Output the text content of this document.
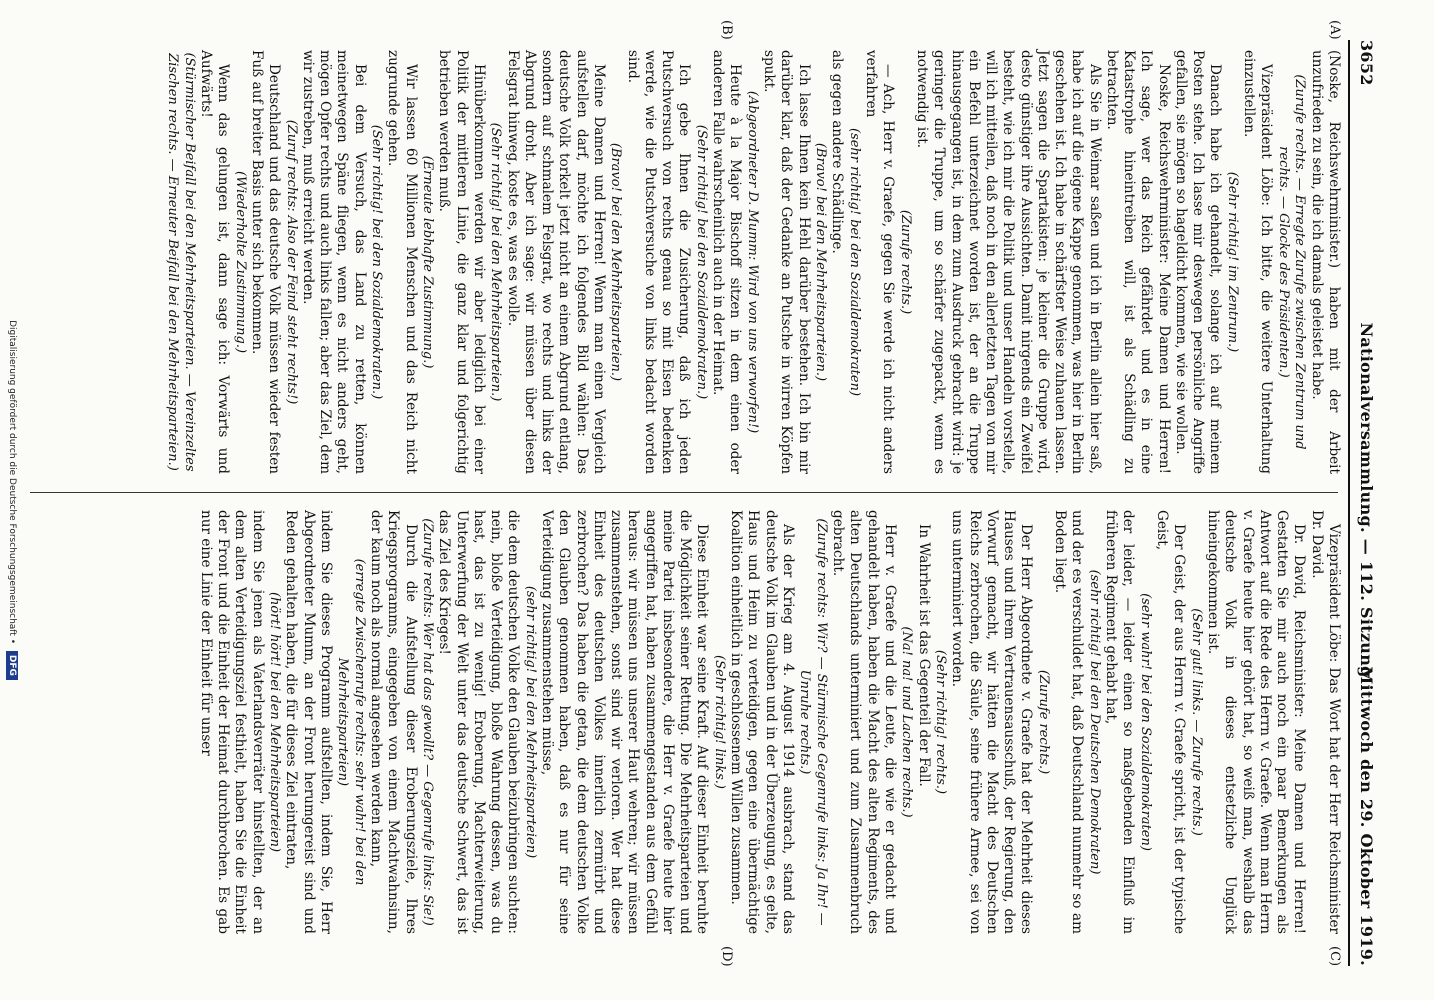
3652
Nationalversammlung. — 112. Sitzung.
Mittwoch den 29. Oktober 1919.
(A)
(B)
(C)
(D)

(Noske, Reichswehrminister.) haben mit der Arbeit unzufrieden zu sein, die ich damals geleistet habe.

(Zurufe rechts. — Erregte Zurufe zwischen Zentrum und rechts. — Glocke des Präsidenten.)

Vizepräsident Löbe: Ich bitte, die weitere Unterhaltung einzustellen.

(Sehr richtig! im Zentrum.)

Danach habe ich gehandelt, solange ich auf meinem Posten stehe. Ich lasse mir deswegen persönliche Angriffe gefallen, sie mögen so hageldicht kommen, wie sie wollen.

Noske, Reichswehrminister: Meine Damen und Herren! Ich sage, wer das Reich gefährdet und es in eine Katastrophe hineintreiben will, ist als Schädling zu betrachten.

Als Sie in Weimar saßen und ich in Berlin allein hier saß, habe ich auf die eigene Kappe genommen, was hier in Berlin geschehen ist. Ich habe in schärfster Weise zuhauen lassen. Jetzt sagen die Spartakisten: je kleiner die Gruppe wird, desto günstiger ihre Aussichten. Damit nirgends ein Zweifel besteht, wie ich mir die Politik und unser Handeln vorstelle, will ich mitteilen, daß noch in den allerletzten Tagen von mir ein Befehl unterzeichnet worden ist, der an die Truppe hinausgegangen ist, in dem zum Ausdruck gebracht wird: je geringer die Truppe, um so schärfer zugepackt, wenn es notwendig ist.

(Zurufe rechts.)

— Ach, Herr v. Graefe, gegen Sie werde ich nicht anders verfahren

(sehr richtig! bei den Sozialdemokraten)

als gegen andere Schädlinge.

(Bravo! bei den Mehrheitsparteien.)

Ich lasse Ihnen kein Hehl darüber bestehen. Ich bin mir darüber klar, daß der Gedanke an Putsche in wirren Köpfen spukt.

(Abgeordneter D. Mumm: Wird von uns verworfen!)

Heute à la Major Bischoff sitzen in dem einen oder anderen Falle wahrscheinlich auch in der Heimat.

(Sehr richtig! bei den Sozialdemokraten.)

Ich gebe Ihnen die Zusicherung, daß ich jeden Putschversuch von rechts genau so mit Eisen bedenken werde, wie die Putschversuche von links bedacht worden sind.

(Bravo! bei den Mehrheitsparteien.)

Meine Damen und Herren! Wenn man einen Vergleich aufstellen darf, möchte ich folgendes Bild wählen: Das deutsche Volk torkelt jetzt nicht an einem Abgrund entlang, sondern auf schmalem Felsgrat, wo rechts und links der Abgrund droht. Aber ich sage: wir müssen über diesen Felsgrat hinweg, koste es, was es wolle.

(Sehr richtig! bei den Mehrheitsparteien.)

Hinüberkommen werden wir aber lediglich bei einer Politik der mittleren Linie, die ganz klar und folgerichtig betrieben werden muß.

(Erneute lebhafte Zustimmung.)

Wir lassen 60 Millionen Menschen und das Reich nicht zugrunde gehen.

(Sehr richtig! bei den Sozialdemokraten.)

Bei dem Versuch, das Land zu retten, können meinetwegen Späne fliegen, wenn es nicht anders geht, mögen Opfer rechts und auch links fallen; aber das Ziel, dem wir zustreben, muß erreicht werden.

(Zuruf rechts: Also der Feind steht rechts!)

Deutschland und das deutsche Volk müssen wieder festen Fuß auf breiter Basis unter sich bekommen.

(Wiederholte Zustimmung.)

Wenn das gelungen ist, dann sage ich: Vorwärts und Aufwärts!

(Stürmischer Beifall bei den Mehrheitsparteien. — Vereinzeltes Zischen rechts. — Erneuter Beifall bei den Mehrheitsparteien.)

Vizepräsident Löbe: Das Wort hat der Herr Reichsminister Dr. David.

Dr. David, Reichsminister: Meine Damen und Herren! Gestatten Sie mir auch noch ein paar Bemerkungen als Antwort auf die Rede des Herrn v. Graefe. Wenn man Herrn v. Graefe heute hier gehört hat, so weiß man, weshalb das deutsche Volk in dieses entsetzliche Unglück hineingekommen ist.

(Sehr gut! links. — Zurufe rechts.)

Der Geist, der aus Herrn v. Graefe spricht, ist der typische Geist,

(sehr wahr! bei den Sozialdemokraten)

der leider, — leider einen so maßgebenden Einfluß im früheren Regiment gehabt hat,

(sehr richtig! bei den Deutschen Demokraten)

und der es verschuldet hat, daß Deutschland nunmehr so am Boden liegt.

(Zurufe rechts.)

Der Herr Abgeordnete v. Graefe hat der Mehrheit dieses Hauses und ihrem Vertrauensausschuß, der Regierung, den Vorwurf gemacht, wir hätten die Macht des Deutschen Reichs zerbrochen, die Säule, seine frühere Armee, sei von uns unterminiert worden.

(Sehr richtig! rechts.)

In Wahrheit ist das Gegenteil der Fall.

(Na! na! und Lachen rechts.)

Herr v. Graefe und die Leute, die wie er gedacht und gehandelt haben, haben die Macht des alten Regiments, des alten Deutschlands unterminiert und zum Zusammenbruch gebracht.

(Zurufe rechts: Wir? — Stürmische Gegenrufe links: Ja Ihr! — Unruhe rechts.)

Als der Krieg am 4. August 1914 ausbrach, stand das deutsche Volk im Glauben und in der Überzeugung, es gelte, Haus und Heim zu verteidigen, gegen eine übermächtige Koalition einheitlich in geschlossenem Willen zusammen.

(Sehr richtig! links.)

Diese Einheit war seine Kraft. Auf dieser Einheit beruhte die Möglichkeit seiner Rettung. Die Mehrheitsparteien und meine Partei insbesondere, die Herr v. Graefe heute hier angegriffen hat, haben zusammengestanden aus dem Gefühl heraus: wir müssen uns unserer Haut wehren; wir müssen zusammenstehen, sonst sind wir verloren. Wer hat diese Einheit des deutschen Volkes innerlich zermürbt und zerbrochen? Das haben die getan, die dem deutschen Volke den Glauben genommen haben, daß es nur für seine Verteidigung zusammenstehen müsse,

(sehr richtig! bei den Mehrheitsparteien)

die dem deutschen Volke den Glauben beizubringen suchten: nein, bloße Verteidigung, bloße Wahrung dessen, was du hast, das ist zu wenig! Eroberung, Machterweiterung, Unterwerfung der Welt unter das deutsche Schwert, das ist das Ziel des Krieges!

(Zurufe rechts: Wer hat das gewollt? — Gegenrufe links: Sie!)

Durch die Aufstellung dieser Eroberungsziele, Ihres Kriegsprogramms, eingegeben von einem Machtwahnsinn, der kaum noch als normal angesehen werden kann,

(erregte Zwischenrufe rechts: sehr wahr! bei den Mehrheitsparteien)

indem Sie dieses Programm aufstellten, indem Sie, Herr Abgeordneter Mumm, an der Front herumgereist sind und Reden gehalten haben, die für dieses Ziel eintraten,

(hört! hört! bei den Mehrheitsparteien)

indem Sie jenen als Vaterlandsverräter hinstellten, der an dem alten Verteidigungsziel festhielt, haben Sie die Einheit der Front und die Einheit der Heimat durchbrochen. Es gab nur eine Linie der Einheit für unser

Digitalisierung gefördert durch die Deutsche Forschungsgemeinschaft • DFG
